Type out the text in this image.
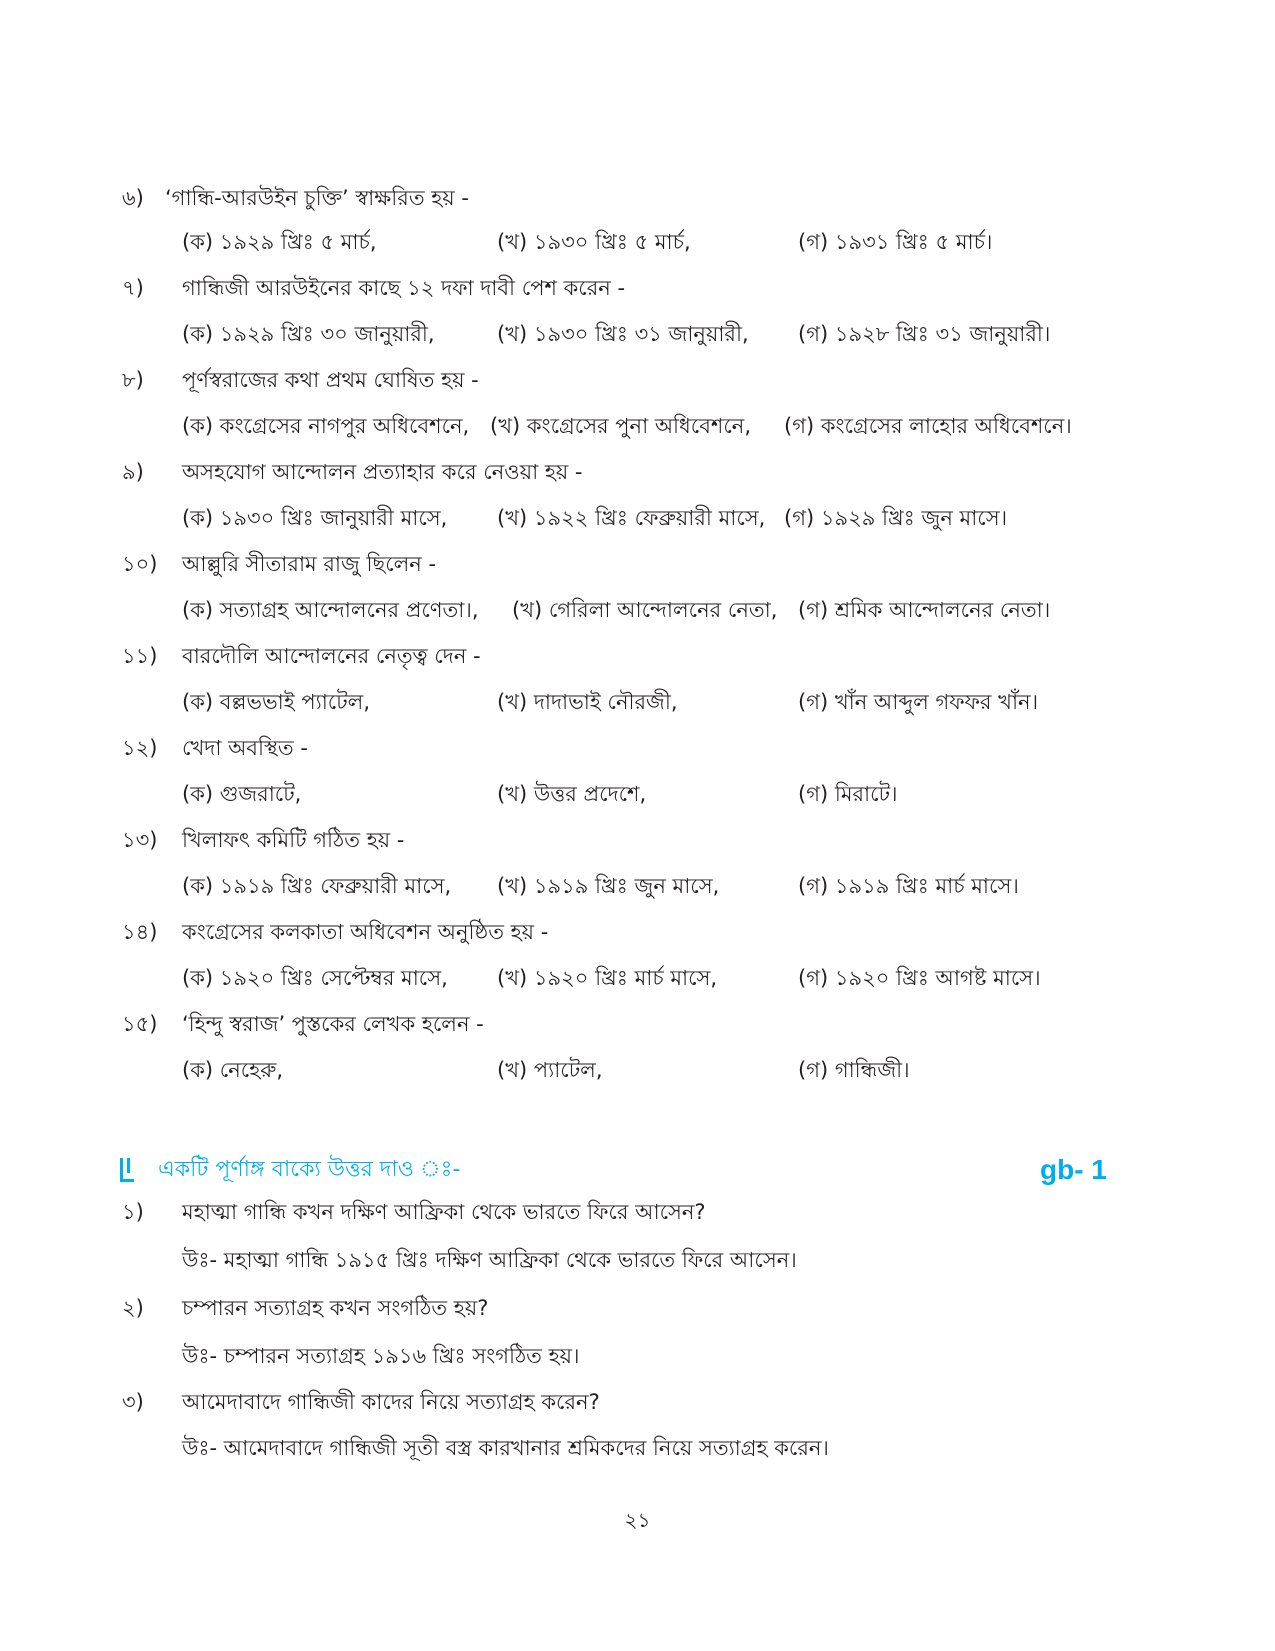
৬) ‘গান্ধি-আরউইন চুক্তি’ স্বাক্ষরিত হয় -
(ক) ১৯২৯ খ্রিঃ ৫ মার্চ,	(খ) ১৯৩০ খ্রিঃ ৫ মার্চ,	(গ) ১৯৩১ খ্রিঃ ৫ মার্চ।
৭) গান্ধিজী আরউইনের কাছে ১২ দফা দাবী পেশ করেন -
(ক) ১৯২৯ খ্রিঃ ৩০ জানুয়ারী,	(খ) ১৯৩০ খ্রিঃ ৩১ জানুয়ারী, (গ) ১৯২৮ খ্রিঃ ৩১ জানুয়ারী।
৮) পূর্ণস্বরাজের কথা প্রথম ঘোষিত হয় -
(ক) কংগ্রেসের নাগপুর অধিবেশনে, (খ) কংগ্রেসের পুনা অধিবেশনে, (গ) কংগ্রেসের লাহোর অধিবেশনে।
৯) অসহযোগ আন্দোলন প্রত্যাহার করে নেওয়া হয় -
(ক) ১৯৩০ খ্রিঃ জানুয়ারী মাসে, (খ) ১৯২২ খ্রিঃ ফেব্রুয়ারী মাসে, (গ) ১৯২৯ খ্রিঃ জুন মাসে।
১০) আল্লুরি সীতারাম রাজু ছিলেন -
(ক) সত্যাগ্রহ আন্দোলনের প্রণেতা।, (খ) গেরিলা আন্দোলনের নেতা, (গ) শ্রমিক আন্দোলনের নেতা।
১১) বারদৌলি আন্দোলনের নেতৃত্ব দেন -
(ক) বল্লভভাই প্যাটেল,	(খ) দাদাভাই নৌরজী,	(গ) খাঁন আব্দুল গফফর খাঁন।
১২) খেদা অবস্থিত -
(ক) গুজরাটে,	(খ) উত্তর প্রদেশে,	(গ) মিরাটে।
১৩) খিলাফৎ কমিটি গঠিত হয় -
(ক) ১৯১৯ খ্রিঃ ফেব্রুয়ারী মাসে, (খ) ১৯১৯ খ্রিঃ জুন মাসে,	(গ) ১৯১৯ খ্রিঃ মার্চ মাসে।
১৪) কংগ্রেসের কলকাতা অধিবেশন অনুষ্ঠিত হয় -
(ক) ১৯২০ খ্রিঃ সেপ্টেম্বর মাসে, (খ) ১৯২০ খ্রিঃ মার্চ মাসে,	(গ) ১৯২০ খ্রিঃ আগষ্ট মাসে।
১৫) ‘হিন্দু স্বরাজ’ পুস্তকের লেখক হলেন -
(ক) নেহেরু,	(খ) প্যাটেল,	(গ) গান্ধিজী।
একটি পূর্ণাঙ্গ বাক্যে উত্তর দাও ঃ-	gb- 1
১) মহাত্মা গান্ধি কখন দক্ষিণ আফ্রিকা থেকে ভারতে ফিরে আসেন?
উঃ- মহাত্মা গান্ধি ১৯১৫ খ্রিঃ দক্ষিণ আফ্রিকা থেকে ভারতে ফিরে আসেন।
২) চম্পারন সত্যাগ্রহ কখন সংগঠিত হয়?
উঃ- চম্পারন সত্যাগ্রহ ১৯১৬ খ্রিঃ সংগঠিত হয়।
৩) আমেদাবাদে গান্ধিজী কাদের নিয়ে সত্যাগ্রহ করেন?
উঃ- আমেদাবাদে গান্ধিজী সূতী বস্ত্র কারখানার শ্রমিকদের নিয়ে সত্যাগ্রহ করেন।
২১
